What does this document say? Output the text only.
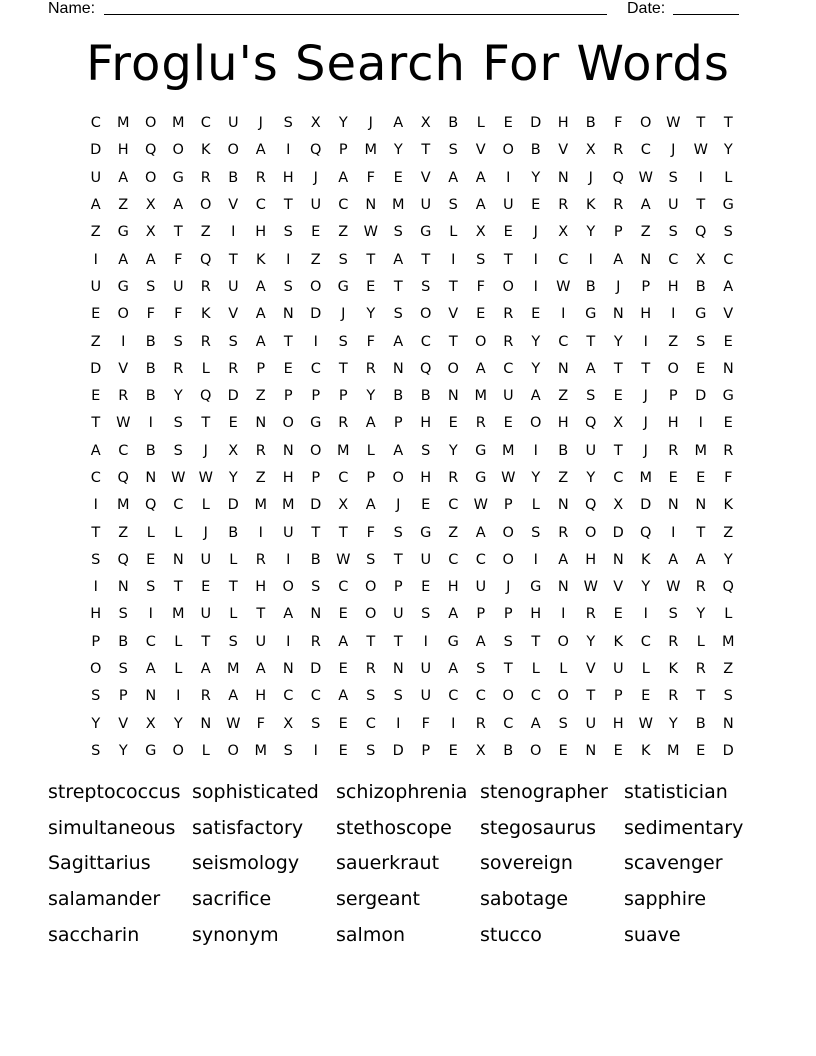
Name:	Date:
Froglu's Search For Words
C	M	O	M	C	U	J	S	X	Y	J	A	X	B	L	E	D	H	B	F	O	W	T	T
D	H	Q	O	K	O	A	I	Q	P	M	Y	T	S	V	O	B	V	X	R	C	J	W	Y
U	A	O	G	R	B	R	H	J	A	F	E	V	A	A	I	Y	N	J	Q	W	S	I	L
A	Z	X	A	O	V	C	T	U	C	N	M	U	S	A	U	E	R	K	R	A	U	T	G
Z	G	X	T	Z	I	H	S	E	Z	W	S	G	L	X	E	J	X	Y	P	Z	S	Q	S
I	A	A	F	Q	T	K	I	Z	S	T	A	T	I	S	T	I	C	I	A	N	C	X	C
U	G	S	U	R	U	A	S	O	G	E	T	S	T	F	O	I	W	B	J	P	H	B	A
E	O	F	F	K	V	A	N	D	J	Y	S	O	V	E	R	E	I	G	N	H	I	G	V
Z	I	B	S	R	S	A	T	I	S	F	A	C	T	O	R	Y	C	T	Y	I	Z	S	E
D	V	B	R	L	R	P	E	C	T	R	N	Q	O	A	C	Y	N	A	T	T	O	E	N
E	R	B	Y	Q	D	Z	P	P	P	Y	B	B	N	M	U	A	Z	S	E	J	P	D	G
T	W	I	S	T	E	N	O	G	R	A	P	H	E	R	E	O	H	Q	X	J	H	I	E
A	C	B	S	J	X	R	N	O	M	L	A	S	Y	G	M	I	B	U	T	J	R	M	R
C	Q	N	W W	Y	Z	H	P	C	P	O	H	R	G	W	Y	Z	Y	C	M	E	E	F
I	M	Q	C	L	D	M	M	D	X	A	J	E	C	W	P	L	N	Q	X	D	N	N	K
T	Z	L	L	J	B	I	U	T	T	F	S	G	Z	A	O	S	R	O	D	Q	I	T	Z
S	Q	E	N	U	L	R	I	B	W	S	T	U	C	C	O	I	A	H	N	K	A	A	Y
I	N	S	T	E	T	H	O	S	C	O	P	E	H	U	J	G	N	W	V	Y	W	R	Q
H	S	I	M	U	L	T	A	N	E	O	U	S	A	P	P	H	I	R	E	I	S	Y	L
P	B	C	L	T	S	U	I	R	A	T	T	I	G	A	S	T	O	Y	K	C	R	L	M
O	S	A	L	A	M	A	N	D	E	R	N	U	A	S	T	L	L	V	U	L	K	R	Z
S	P	N	I	R	A	H	C	C	A	S	S	U	C	C	O	C	O	T	P	E	R	T	S
Y	V	X	Y	N	W	F	X	S	E	C	I	F	I	R	C	A	S	U	H	W	Y	B	N
S	Y	G	O	L	O	M	S	I	E	S	D	P	E	X	B	O	E	N	E	K	M	E	D
streptococcus sophisticated schizophrenia stenographer statistician
simultaneous satisfactory	stethoscope	stegosaurus	sedimentary
Sagittarius	seismology	sauerkraut	sovereign	scavenger
salamander	sacrifice	sergeant	sabotage	sapphire
saccharin	synonym	salmon	stucco	suave
